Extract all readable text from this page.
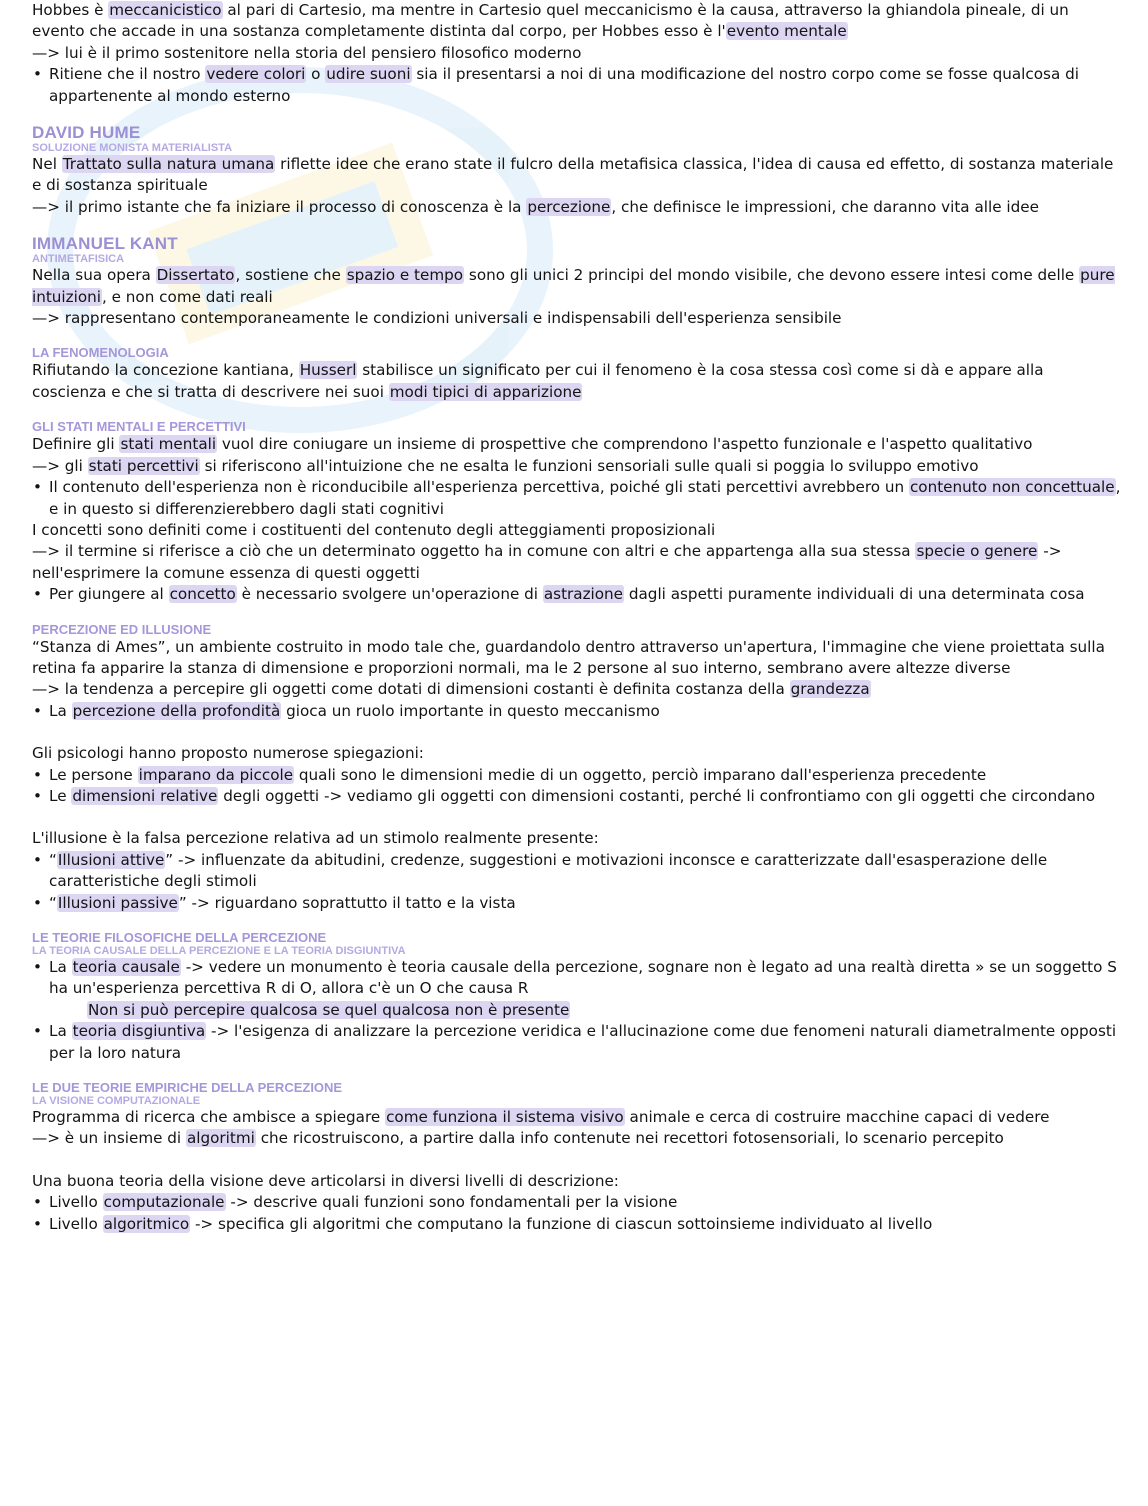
Hobbes è meccanicistico al pari di Cartesio, ma mentre in Cartesio quel meccanicismo è la causa, attraverso la ghiandola pineale, di un evento che accade in una sostanza completamente distinta dal corpo, per Hobbes esso è l'evento mentale

—> lui è il primo sostenitore nella storia del pensiero filosofico moderno

• Ritiene che il nostro vedere colori o udire suoni sia il presentarsi a noi di una modificazione del nostro corpo come se fosse qualcosa di appartenente al mondo esterno
DAVID HUME
SOLUZIONE MONISTA MATERIALISTA

Nel Trattato sulla natura umana riflette idee che erano state il fulcro della metafisica classica, l'idea di causa ed effetto, di sostanza materiale e di sostanza spirituale

—> il primo istante che fa iniziare il processo di conoscenza è la percezione, che definisce le impressioni, che daranno vita alle idee

IMMANUEL KANT
ANTIMETAFISICA

Nella sua opera Dissertato, sostiene che spazio e tempo sono gli unici 2 principi del mondo visibile, che devono essere intesi come delle pure intuizioni, e non come dati reali

—> rappresentano contemporaneamente le condizioni universali e indispensabili dell'esperienza sensibile

LA FENOMENOLOGIA

Rifiutando la concezione kantiana, Husserl stabilisce un significato per cui il fenomeno è la cosa stessa così come si dà e appare alla coscienza e che si tratta di descrivere nei suoi modi tipici di apparizione

GLI STATI MENTALI E PERCETTIVI

Definire gli stati mentali vuol dire coniugare un insieme di prospettive che comprendono l'aspetto funzionale e l'aspetto qualitativo

—> gli stati percettivi si riferiscono all'intuizione che ne esalta le funzioni sensoriali sulle quali si poggia lo sviluppo emotivo

• Il contenuto dell'esperienza non è riconducibile all'esperienza percettiva, poiché gli stati percettivi avrebbero un contenuto non concettuale, e in questo si differenzierebbero dagli stati cognitivi

I concetti sono definiti come i costituenti del contenuto degli atteggiamenti proposizionali

—> il termine si riferisce a ciò che un determinato oggetto ha in comune con altri e che appartenga alla sua stessa specie o genere -> nell'esprimere la comune essenza di questi oggetti

• Per giungere al concetto è necessario svolgere un'operazione di astrazione dagli aspetti puramente individuali di una determinata cosa
PERCEZIONE ED ILLUSIONE

“Stanza di Ames”, un ambiente costruito in modo tale che, guardandolo dentro attraverso un'apertura, l'immagine che viene proiettata sulla retina fa apparire la stanza di dimensione e proporzioni normali, ma le 2 persone al suo interno, sembrano avere altezze diverse

—> la tendenza a percepire gli oggetti come dotati di dimensioni costanti è definita costanza della grandezza

• La percezione della profondità gioca un ruolo importante in questo meccanismo

Gli psicologi hanno proposto numerose spiegazioni:

• Le persone imparano da piccole quali sono le dimensioni medie di un oggetto, perciò imparano dall'esperienza precedente
• Le dimensioni relative degli oggetti -> vediamo gli oggetti con dimensioni costanti, perché li confrontiamo con gli oggetti che circondano

L'illusione è la falsa percezione relativa ad un stimolo realmente presente:

• “Illusioni attive” -> influenzate da abitudini, credenze, suggestioni e motivazioni inconsce e caratterizzate dall'esasperazione delle caratteristiche degli stimoli
• “Illusioni passive” -> riguardano soprattutto il tatto e la vista
LE TEORIE FILOSOFICHE DELLA PERCEZIONE
LA TEORIA CAUSALE DELLA PERCEZIONE E LA TEORIA DISGIUNTIVA
• La teoria causale -> vedere un monumento è teoria causale della percezione, sognare non è legato ad una realtà diretta » se un soggetto S ha un'esperienza percettiva R di O, allora c'è un O che causa R

Non si può percepire qualcosa se quel qualcosa non è presente

• La teoria disgiuntiva -> l'esigenza di analizzare la percezione veridica e l'allucinazione come due fenomeni naturali diametralmente opposti per la loro natura
LE DUE TEORIE EMPIRICHE DELLA PERCEZIONE
LA VISIONE COMPUTAZIONALE

Programma di ricerca che ambisce a spiegare come funziona il sistema visivo animale e cerca di costruire macchine capaci di vedere

—> è un insieme di algoritmi che ricostruiscono, a partire dalla info contenute nei recettori fotosensoriali, lo scenario percepito

Una buona teoria della visione deve articolarsi in diversi livelli di descrizione:

• Livello computazionale -> descrive quali funzioni sono fondamentali per la visione
• Livello algoritmico -> specifica gli algoritmi che computano la funzione di ciascun sottoinsieme individuato al livello
